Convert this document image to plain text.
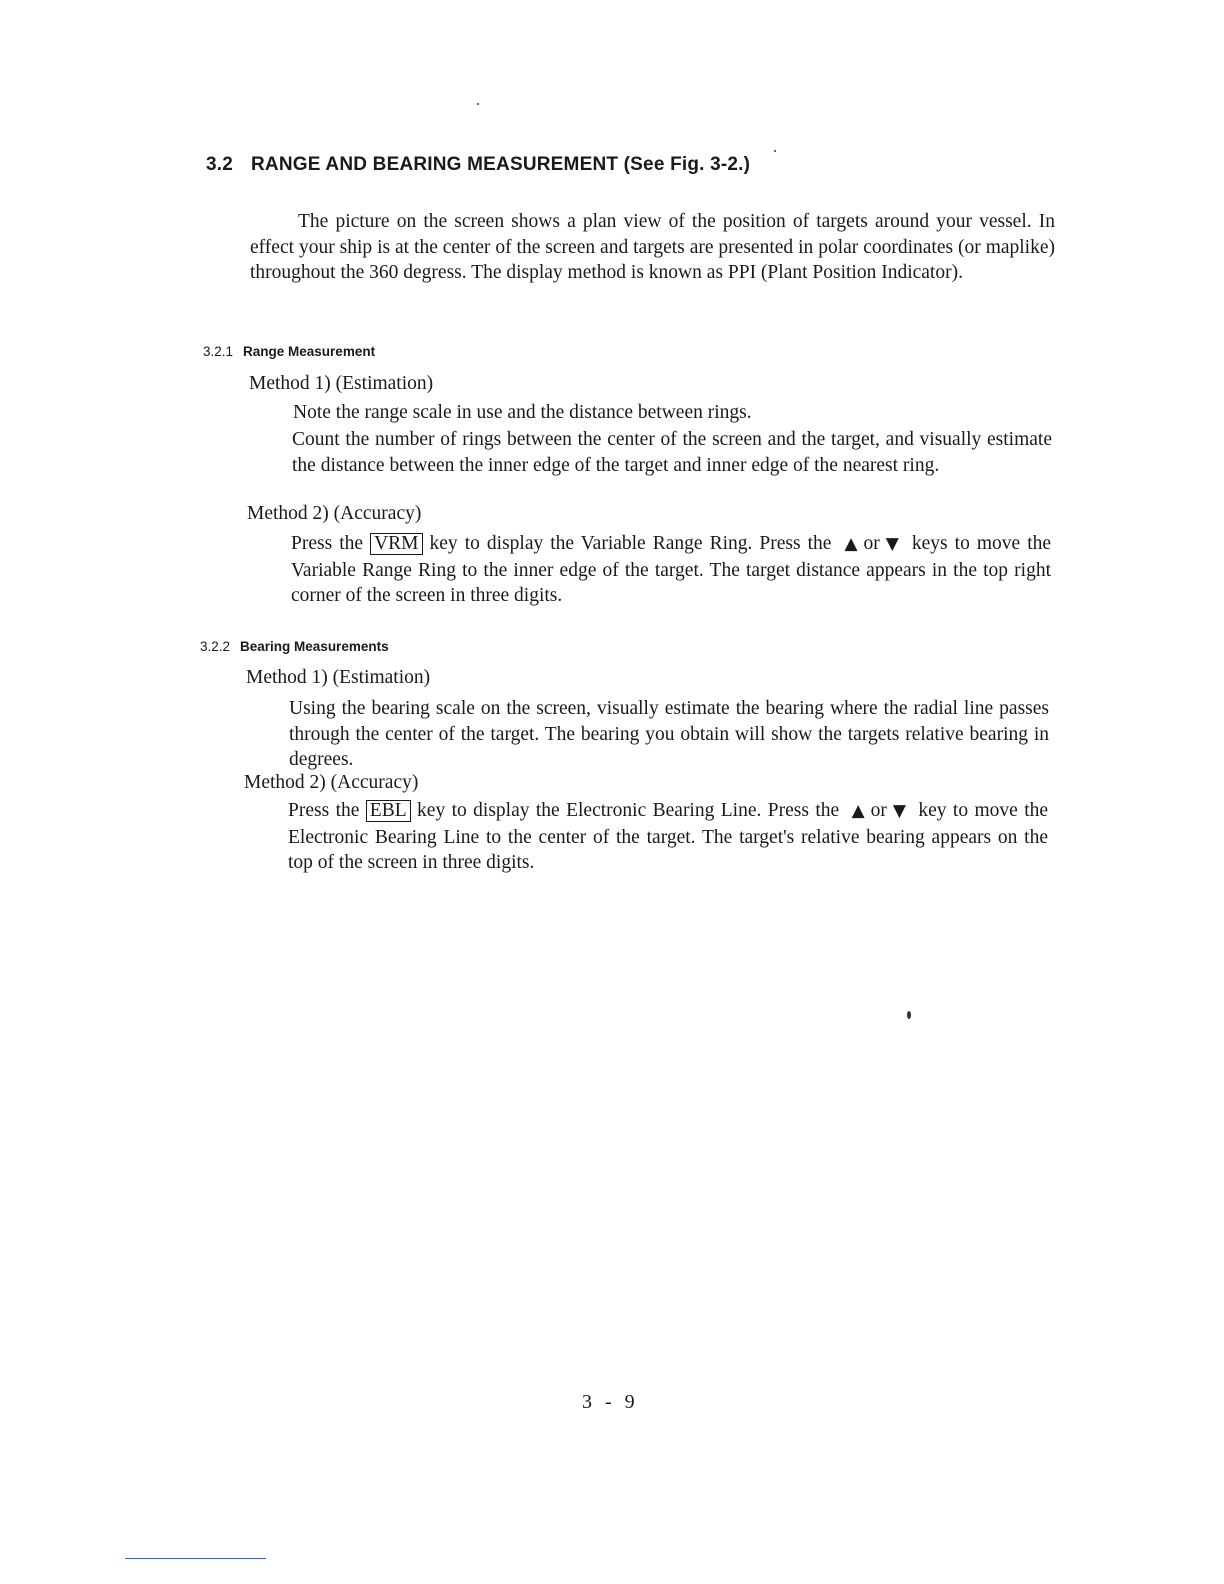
3.2 RANGE AND BEARING MEASUREMENT (See Fig. 3-2.)
The picture on the screen shows a plan view of the position of targets around your vessel. In effect your ship is at the center of the screen and targets are presented in polar coordinates (or maplike) throughout the 360 degress. The display method is known as PPI (Plant Position Indicator).
3.2.1 Range Measurement
Method 1) (Estimation)
Note the range scale in use and the distance between rings.
Count the number of rings between the center of the screen and the target, and visually estimate the distance between the inner edge of the target and inner edge of the nearest ring.
Method 2) (Accuracy)
Press the VRM key to display the Variable Range Ring. Press the ▲ or ▼ keys to move the Variable Range Ring to the inner edge of the target. The target distance appears in the top right corner of the screen in three digits.
3.2.2 Bearing Measurements
Method 1) (Estimation)
Using the bearing scale on the screen, visually estimate the bearing where the radial line passes through the center of the target. The bearing you obtain will show the targets relative bearing in degrees.
Method 2) (Accuracy)
Press the EBL key to display the Electronic Bearing Line. Press the ▲ or ▼ key to move the Electronic Bearing Line to the center of the target. The target's relative bearing appears on the top of the screen in three digits.
3 - 9
